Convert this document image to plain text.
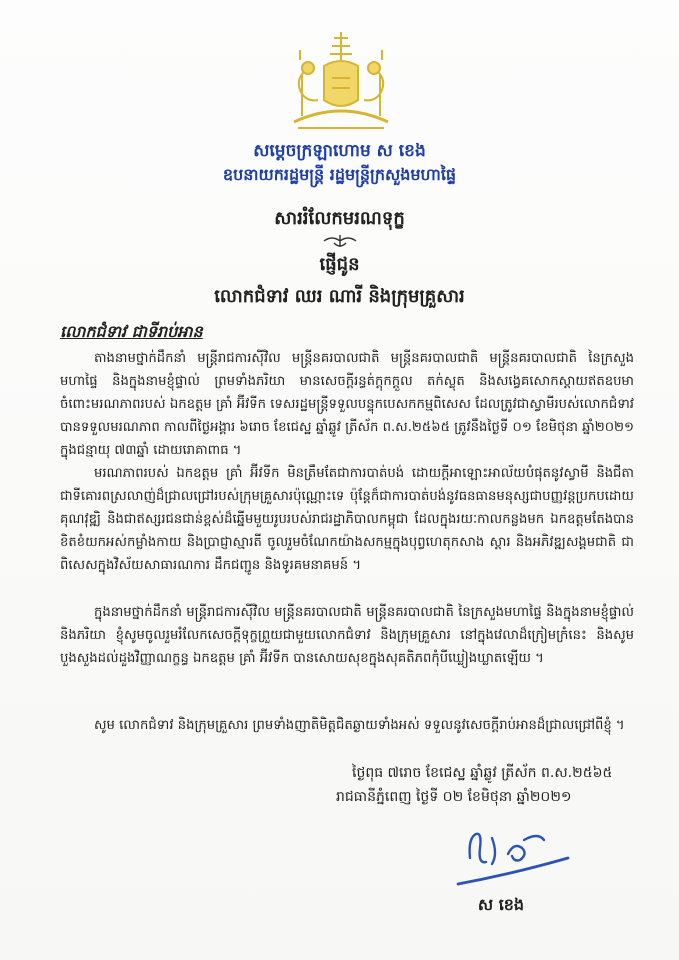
សម្ដេចក្រឡាហោម ស ខេង
ឧបនាយករដ្ឋមន្ត្រី រដ្ឋមន្ត្រីក្រសួងមហាផ្ទៃ
សាររំលែកមរណទុក្ខ
ផ្ញើជូន
លោកជំទាវ ឈរ ណារី និងក្រុមគ្រួសារ
លោកជំទាវ ជាទីរាប់អាន
តាងនាមថ្នាក់ដឹកនាំ មន្ត្រីរាជការស៊ីវិល មន្ត្រីនគរបាលជាតិ មន្ត្រីនគរបាលជាតិ មន្ត្រីនគរបាលជាតិ នៃក្រសួងមហាផ្ទៃ និងក្នុងនាមខ្ញុំផ្ទាល់ ព្រមទាំងភរិយា មានសេចក្ដីរន្ធត់ក្ដុកក្ដួល តក់ស្លុត និងសង្វេគសោកស្ដាយឥតឧបមាចំពោះមរណភាពរបស់ ឯកឧត្ដម គ្រាំ អ៊ីវទីក ទេសរដ្ឋមន្ត្រីទទួលបន្ទុកបេសកកម្មពិសេស ដែលត្រូវជាស្វាមីរបស់លោកជំទាវ បានទទួលមរណភាព កាលពីថ្ងៃអង្គារ ៦រោច ខែជេស្ឋ ឆ្នាំឆ្លូវ ត្រីស័ក ព.ស.២៥៦៥ ត្រូវនឹងថ្ងៃទី ០១ ខែមិថុនា ឆ្នាំ២០២១ ក្នុងជន្មាយុ ៧៣ឆ្នាំ ដោយរោគាពាធ ។
មរណភាពរបស់ ឯកឧត្ដម គ្រាំ អ៊ីវទីក មិនត្រឹមតែជាការបាត់បង់ ដោយក្ដីអាឡោះអាល័យបំផុតនូវស្វាមី និងជីតា ជាទីគោរពស្រលាញ់ដ៏ជ្រាលជ្រៅរបស់ក្រុមគ្រួសារប៉ុណ្ណោះទេ ប៉ុន្តែក៏ជាការបាត់បង់នូវធនធានមនុស្សជាបញ្ញវន្តប្រកបដោយគុណវុឌ្ឍិ និងជាឥស្សរជនជាន់ខ្ពស់ដ៏ឆ្នើមមួយរូបរបស់រាជរដ្ឋាភិបាលកម្ពុជា ដែលក្នុងរយៈកាលកន្លងមក ឯកឧត្ដមតែងបានខិតខំយកអស់កម្លាំងកាយ និងប្រាជ្ញាស្មារតី ចូលរួមចំណែកយ៉ាងសកម្មក្នុងបុព្វហេតុកសាង ស្តារ និងអភិវឌ្ឍសង្គមជាតិ ជាពិសេសក្នុងវិស័យសាធារណការ ដឹកជញ្ជូន និងទូរគមនាគមន៍ ។
ក្នុងនាមថ្នាក់ដឹកនាំ មន្ត្រីរាជការស៊ីវិល មន្ត្រីនគរបាលជាតិ មន្ត្រីនគរបាលជាតិ នៃក្រសួងមហាផ្ទៃ និងក្នុងនាមខ្ញុំផ្ទាល់ និងភរិយា ខ្ញុំសូមចូលរួមរំលែកសេចក្ដីទុក្ខព្រួយជាមួយលោកជំទាវ និងក្រុមគ្រួសារ នៅក្នុងវេលាដ៏ក្រៀមក្រំនេះ និងសូមបួងសួងដល់ដួងវិញ្ញាណក្ខន្ធ ឯកឧត្ដម គ្រាំ អ៊ីវទីក បានសោយសុខក្នុងសុគតិភពកុំបីឃ្លៀងឃ្លាតឡើយ ។
សូម លោកជំទាវ និងក្រុមគ្រួសារ ព្រមទាំងញាតិមិត្តជិតឆ្ងាយទាំងអស់ ទទួលនូវសេចក្ដីរាប់អានដ៏ជ្រាលជ្រៅពីខ្ញុំ ។
ថ្ងៃពុធ ៧រោច ខែជេស្ឋ ឆ្នាំឆ្លូវ ត្រីស័ក ព.ស.២៥៦៥
រាជធានីភ្នំពេញ ថ្ងៃទី ០២ ខែមិថុនា ឆ្នាំ២០២១
ស ខេង
